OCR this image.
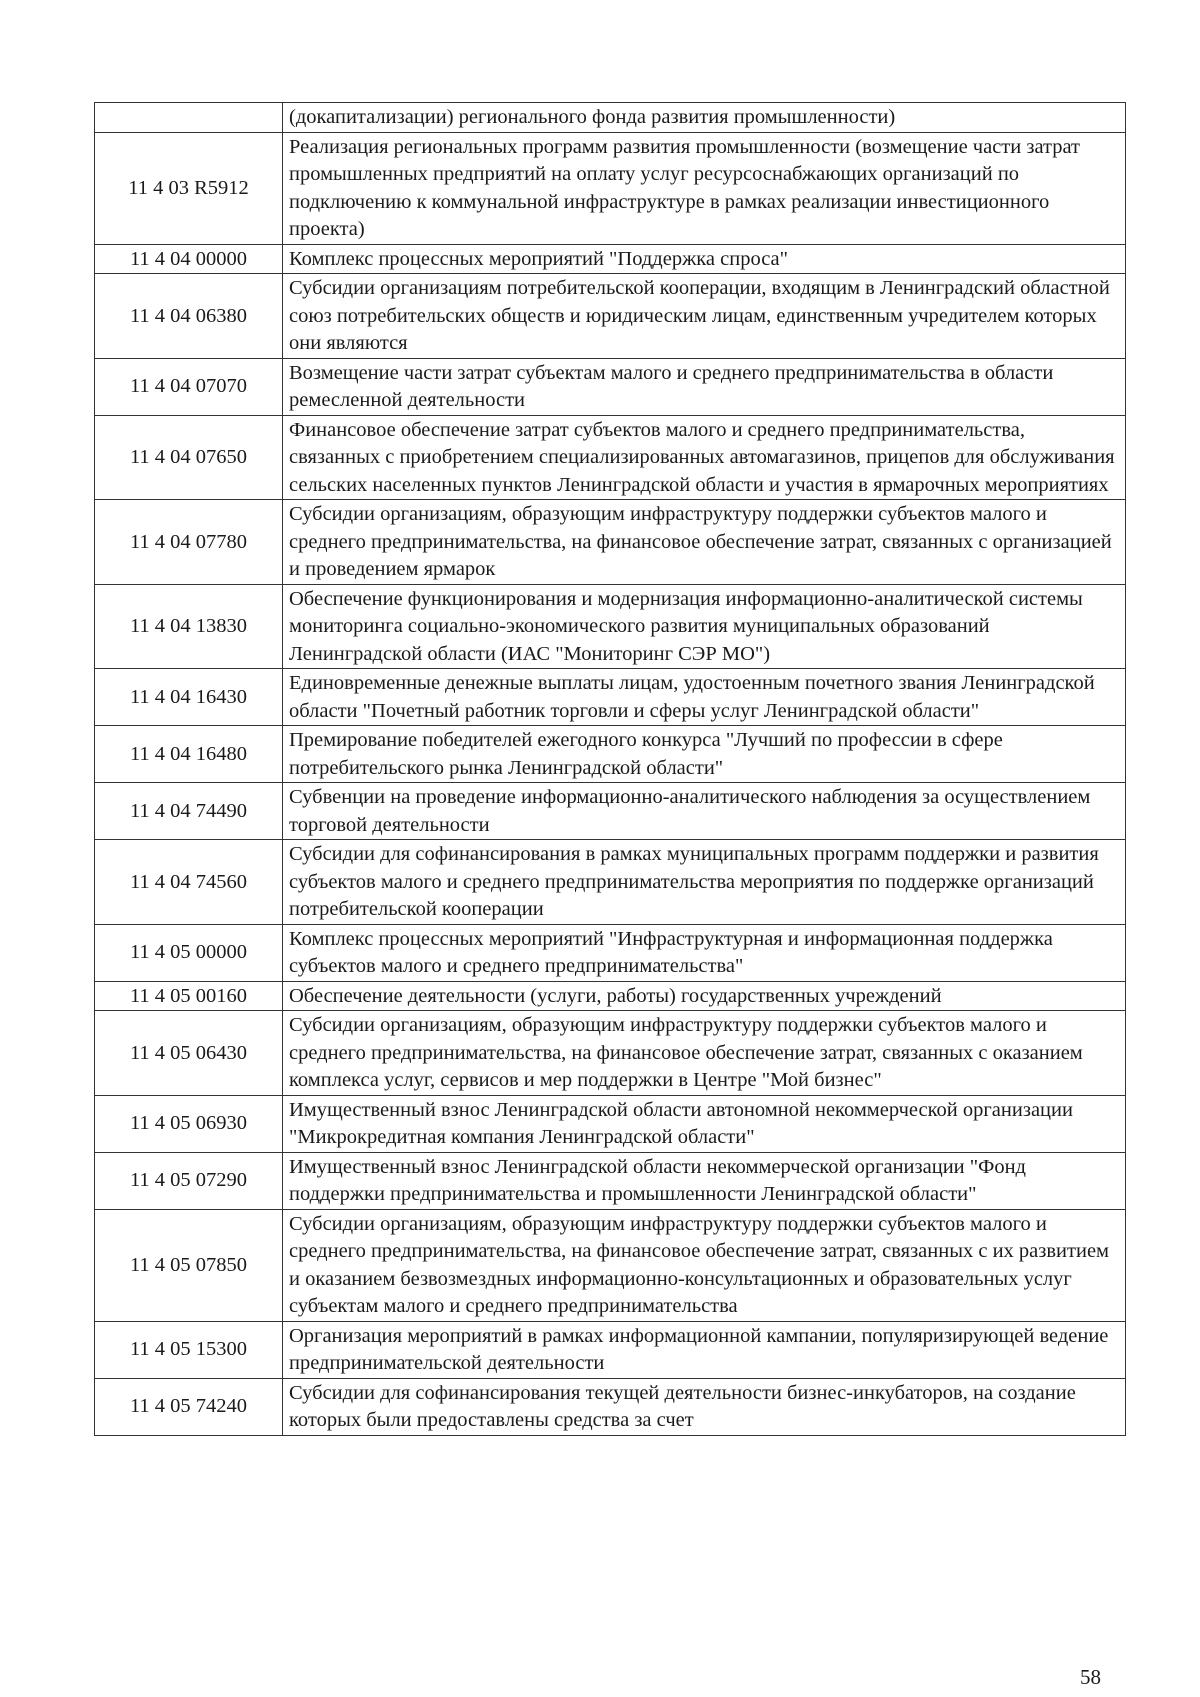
	(докапитализации) регионального фонда развития промышленности)
11 4 03 R5912	Реализация региональных программ развития промышленности (возмещение части затрат промышленных предприятий на оплату услуг ресурсоснабжающих организаций по подключению к коммунальной инфраструктуре в рамках реализации инвестиционного проекта)
11 4 04 00000	Комплекс процессных мероприятий "Поддержка спроса"
11 4 04 06380	Субсидии организациям потребительской кооперации, входящим в Ленинградский областной союз потребительских обществ и юридическим лицам, единственным учредителем которых они являются
11 4 04 07070	Возмещение части затрат субъектам малого и среднего предпринимательства в области ремесленной деятельности
11 4 04 07650	Финансовое обеспечение затрат субъектов малого и среднего предпринимательства, связанных с приобретением специализированных автомагазинов, прицепов для обслуживания сельских населенных пунктов Ленинградской области и участия в ярмарочных мероприятиях
11 4 04 07780	Субсидии организациям, образующим инфраструктуру поддержки субъектов малого и среднего предпринимательства, на финансовое обеспечение затрат, связанных с организацией и проведением ярмарок
11 4 04 13830	Обеспечение функционирования и модернизация информационно-аналитической системы мониторинга социально-экономического развития муниципальных образований Ленинградской области (ИАС "Мониторинг СЭР МО")
11 4 04 16430	Единовременные денежные выплаты лицам, удостоенным почетного звания Ленинградской области "Почетный работник торговли и сферы услуг Ленинградской области"
11 4 04 16480	Премирование победителей ежегодного конкурса "Лучший по профессии в сфере потребительского рынка Ленинградской области"
11 4 04 74490	Субвенции на проведение информационно-аналитического наблюдения за осуществлением торговой деятельности
11 4 04 74560	Субсидии для софинансирования в рамках муниципальных программ поддержки и развития субъектов малого и среднего предпринимательства мероприятия по поддержке организаций потребительской кооперации
11 4 05 00000	Комплекс процессных мероприятий "Инфраструктурная и информационная поддержка субъектов малого и среднего предпринимательства"
11 4 05 00160	Обеспечение деятельности (услуги, работы) государственных учреждений
11 4 05 06430	Субсидии организациям, образующим инфраструктуру поддержки субъектов малого и среднего предпринимательства, на финансовое обеспечение затрат, связанных с оказанием комплекса услуг, сервисов и мер поддержки в Центре "Мой бизнес"
11 4 05 06930	Имущественный взнос Ленинградской области автономной некоммерческой организации "Микрокредитная компания Ленинградской области"
11 4 05 07290	Имущественный взнос Ленинградской области некоммерческой организации "Фонд поддержки предпринимательства и промышленности Ленинградской области"
11 4 05 07850	Субсидии организациям, образующим инфраструктуру поддержки субъектов малого и среднего предпринимательства, на финансовое обеспечение затрат, связанных с их развитием и оказанием безвозмездных информационно-консультационных и образовательных услуг субъектам малого и среднего предпринимательства
11 4 05 15300	Организация мероприятий в рамках информационной кампании, популяризирующей ведение предпринимательской деятельности
11 4 05 74240	Субсидии для софинансирования текущей деятельности бизнес-инкубаторов, на создание которых были предоставлены средства за счет
58
